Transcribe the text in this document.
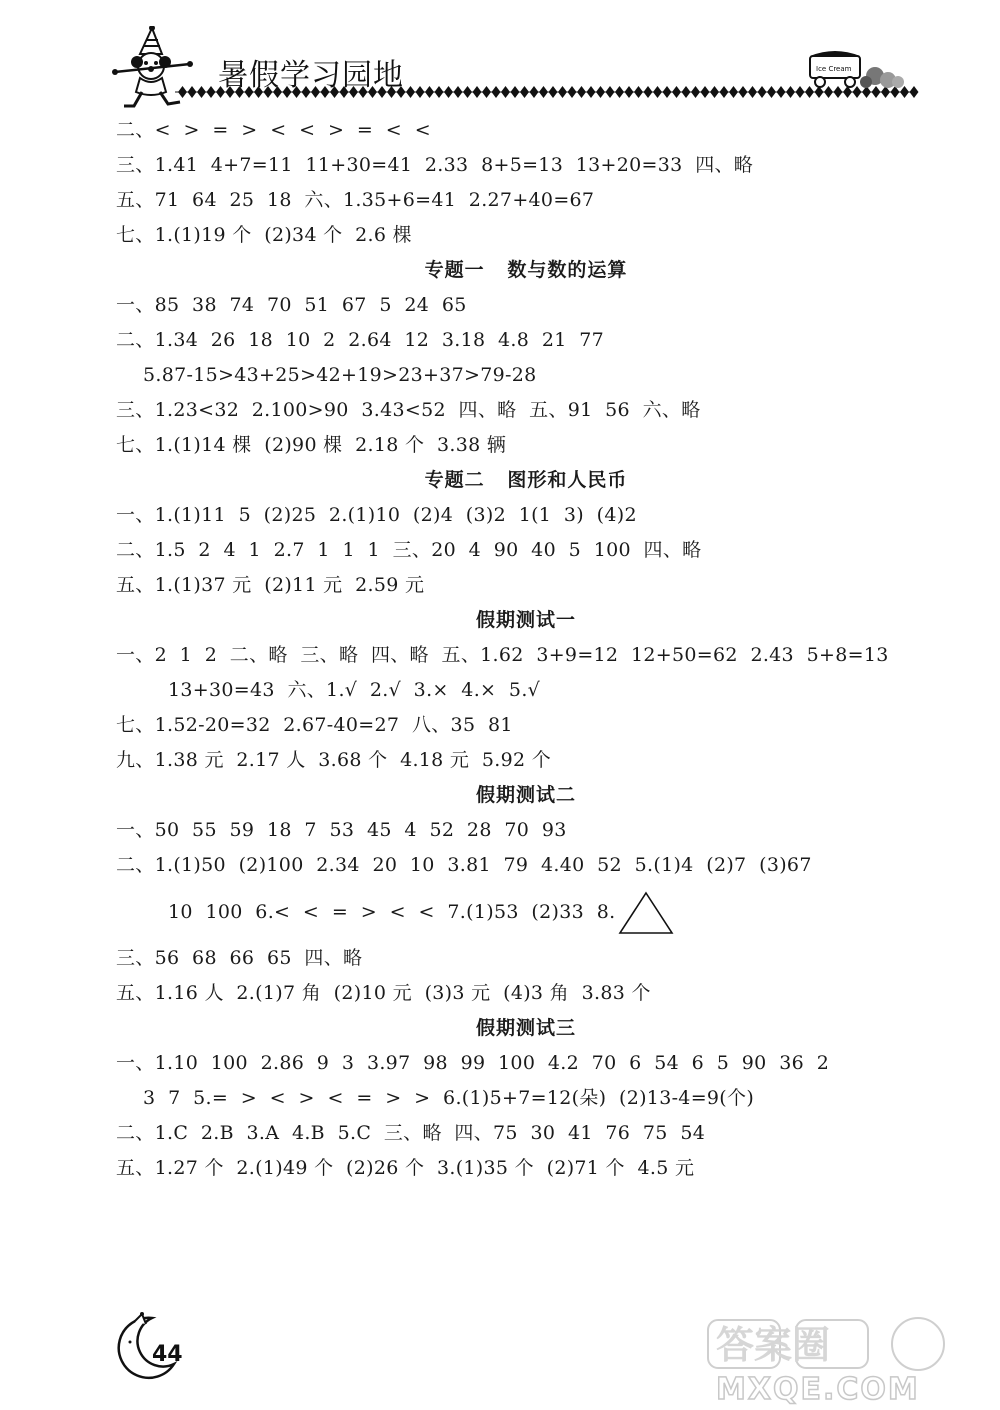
Ice Cream
暑假学习园地
二、<  >  =  >  <  <  >  =  <  <
三、1.41  4+7=11  11+30=41  2.33  8+5=13  13+20=33  四、略
五、71  64  25  18  六、1.35+6=41  2.27+40=67
七、1.(1)19 个  (2)34 个  2.6 棵
专题一   数与数的运算
一、85  38  74  70  51  67  5  24  65
二、1.34  26  18  10  2  2.64  12  3.18  4.8  21  77
5.87-15>43+25>42+19>23+37>79-28
三、1.23<32  2.100>90  3.43<52  四、略  五、91  56  六、略
七、1.(1)14 棵  (2)90 棵  2.18 个  3.38 辆
专题二   图形和人民币
一、1.(1)11  5  (2)25  2.(1)10  (2)4  (3)2  1(1  3)  (4)2
二、1.5  2  4  1  2.7  1  1  1  三、20  4  90  40  5  100  四、略
五、1.(1)37 元  (2)11 元  2.59 元
假期测试一
一、2  1  2  二、略  三、略  四、略  五、1.62  3+9=12  12+50=62  2.43  5+8=13
13+30=43  六、1.√  2.√  3.×  4.×  5.√
七、1.52-20=32  2.67-40=27  八、35  81
九、1.38 元  2.17 人  3.68 个  4.18 元  5.92 个
假期测试二
一、50  55  59  18  7  53  45  4  52  28  70  93
二、1.(1)50  (2)100  2.34  20  10  3.81  79  4.40  52  5.(1)4  (2)7  (3)67
10  100  6.<  <  =  >  <  <  7.(1)53  (2)33  8.
三、56  68  66  65  四、略
五、1.16 人  2.(1)7 角  (2)10 元  (3)3 元  (4)3 角  3.83 个
假期测试三
一、1.10  100  2.86  9  3  3.97  98  99  100  4.2  70  6  54  6  5  90  36  2
3  7  5.=  >  <  >  <  =  >  >  6.(1)5+7=12(朵)  (2)13-4=9(个)
二、1.C  2.B  3.A  4.B  5.C  三、略  四、75  30  41  76  75  54
五、1.27 个  2.(1)49 个  (2)26 个  3.(1)35 个  (2)71 个  4.5 元
44	答案圈
MXQE.COM
